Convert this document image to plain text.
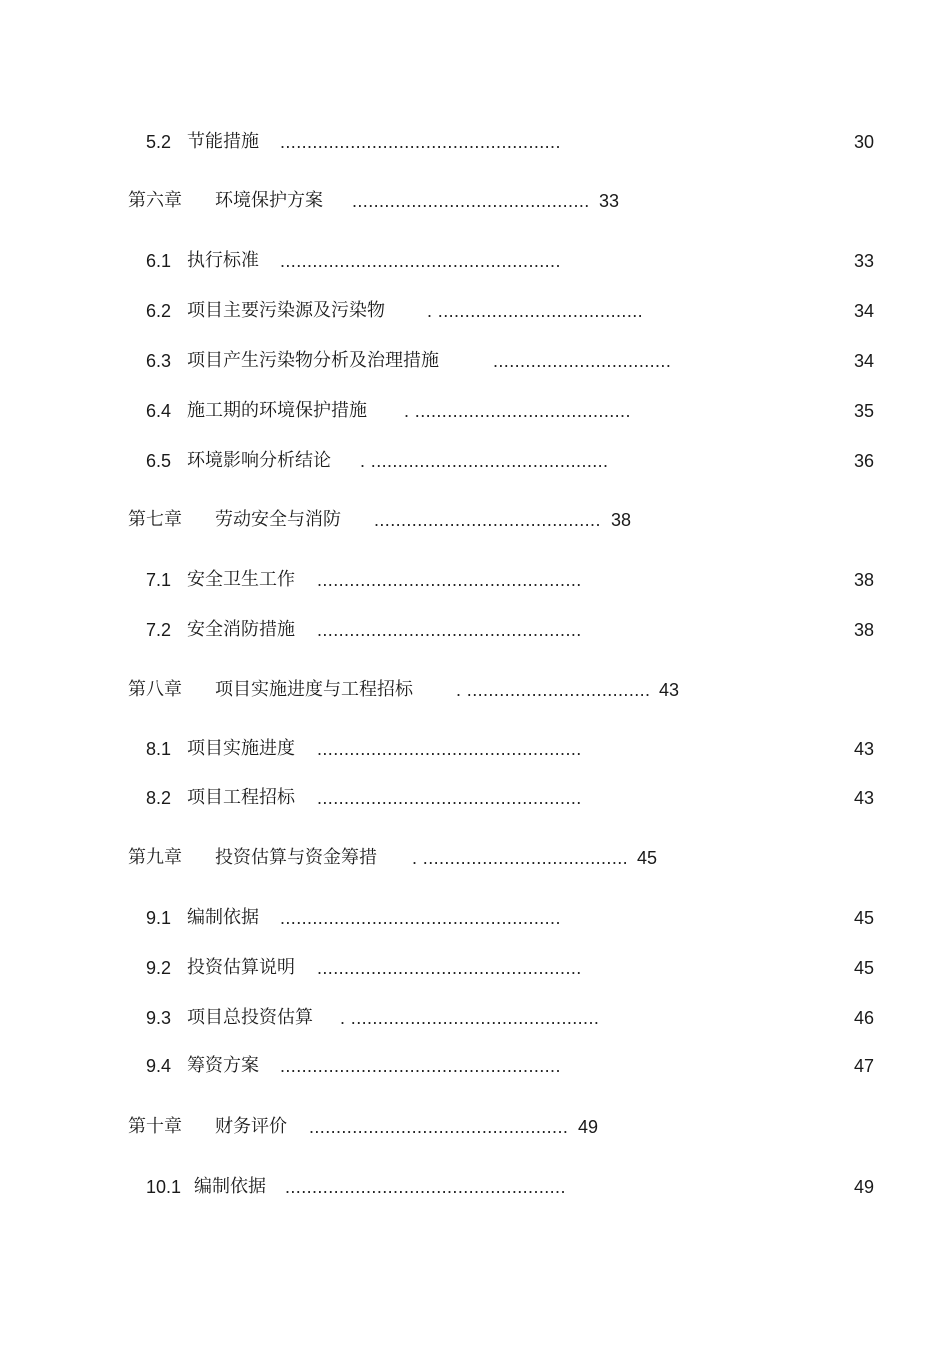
5.2 节能措施 ....................................................	30
第六章 环境保护方案 ............................................ 33
6.1 执行标准 ....................................................	33
6.2 项目主要污染源及污染物 . ......................................	34
6.3 项目产生污染物分析及治理措施	.................................	34
6.4 施工期的环境保护措施 . ........................................	35
6.5 环境影响分析结论 . ............................................	36
第七章 劳动安全与消防 .......................................... 38
7.1 安全卫生工作 .................................................	38
7.2 安全消防措施 .................................................	38
第八章 项目实施进度与工程招标 . .................................. 43
8.1 项目实施进度 .................................................	43
8.2 项目工程招标 .................................................	43
第九章 投资估算与资金筹措 . ...................................... 45
9.1 编制依据 ....................................................	45
9.2 投资估算说明 .................................................	45
9.3 项目总投资估算 . ..............................................	46
9.4 筹资方案 ....................................................	47
第十章 财务评价 ................................................ 49
10.1 编制依据 ....................................................	49
